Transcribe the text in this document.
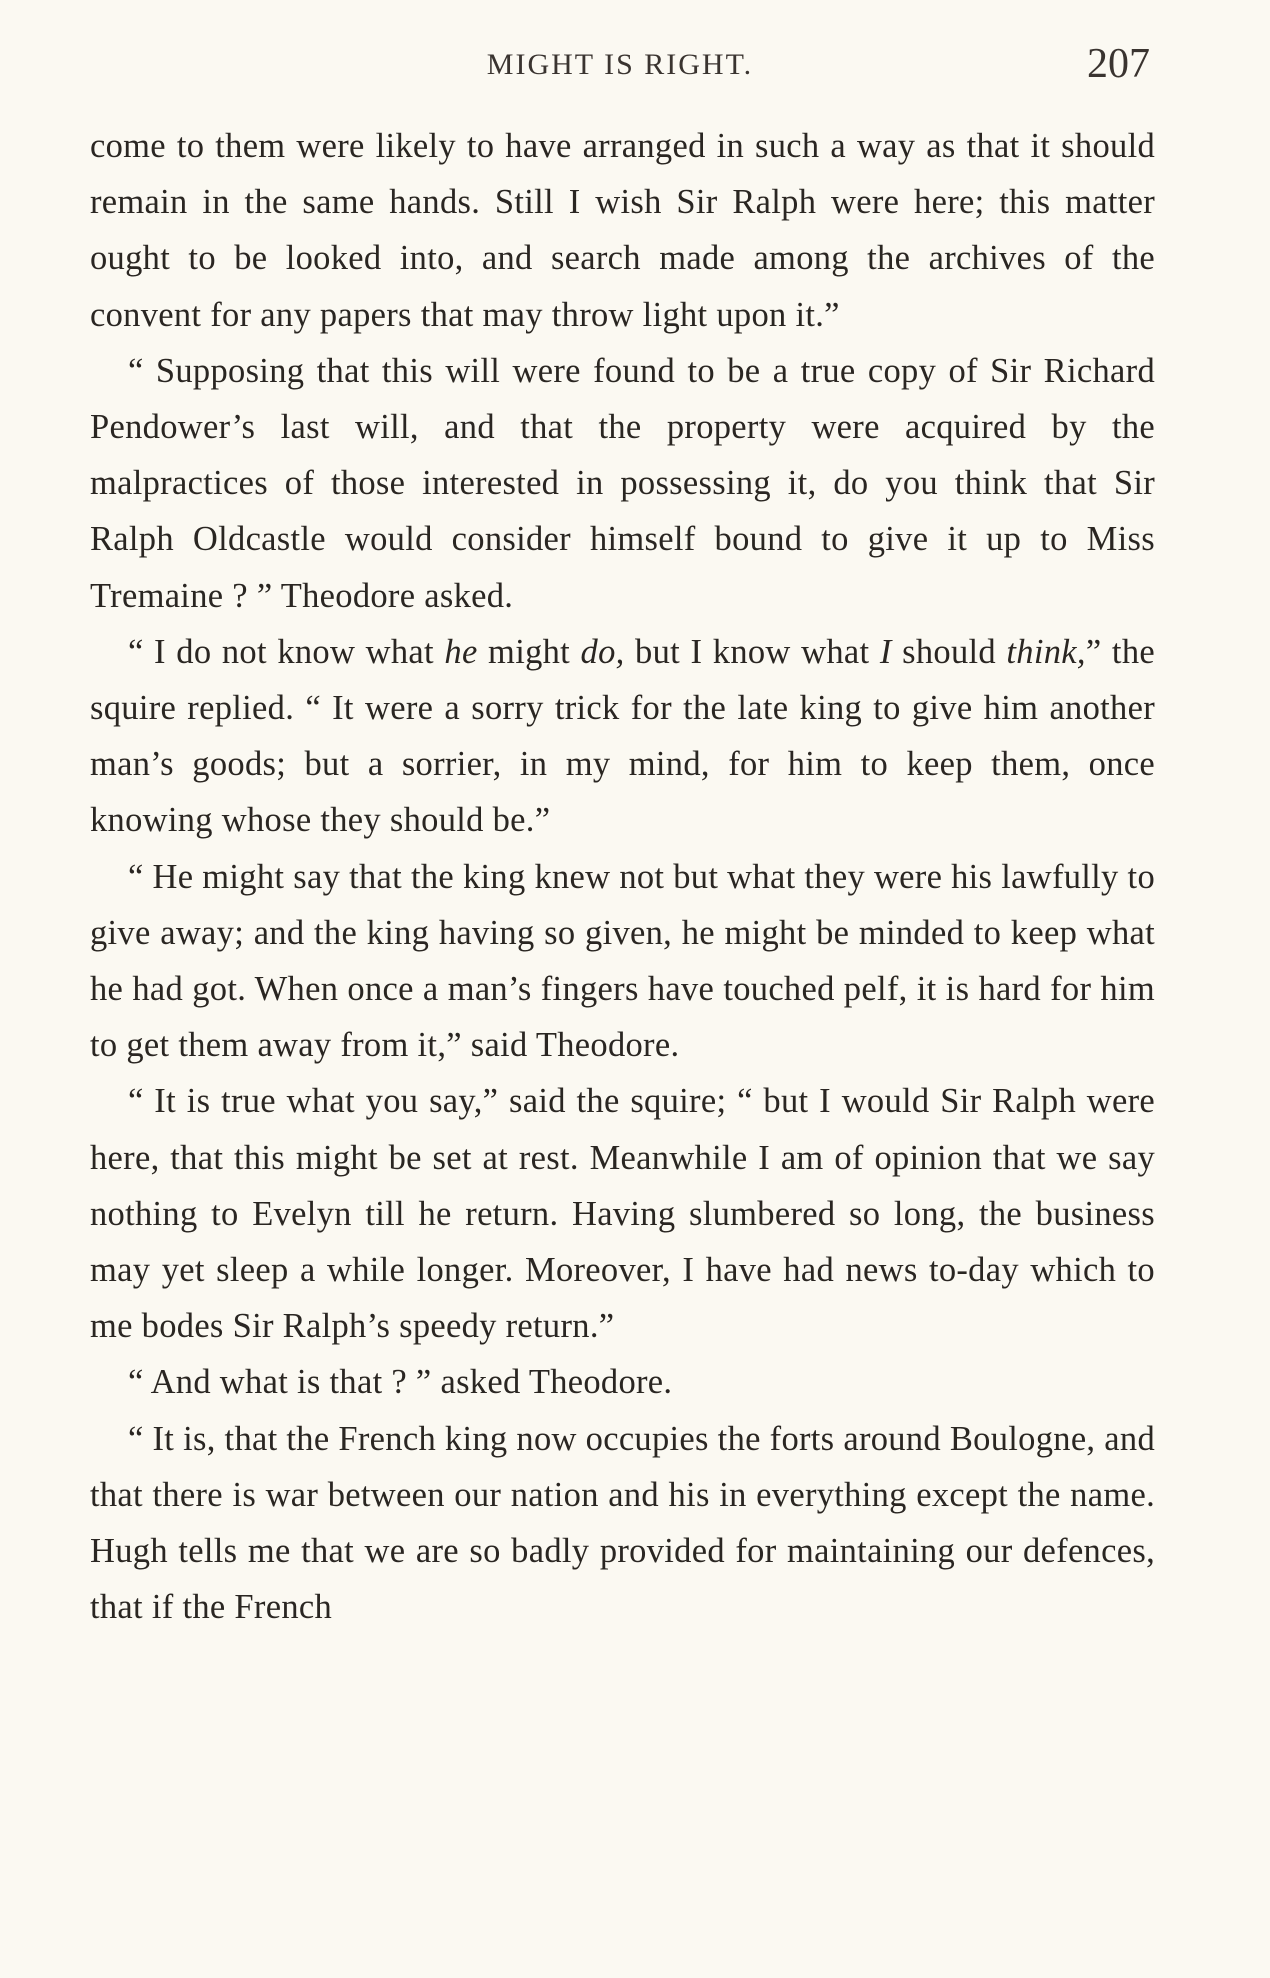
MIGHT IS RIGHT.	207

come to them were likely to have arranged in such a way as that it should remain in the same hands. Still I wish Sir Ralph were here; this matter ought to be looked into, and search made among the archives of the convent for any papers that may throw light upon it.”

“ Supposing that this will were found to be a true copy of Sir Richard Pendower’s last will, and that the property were acquired by the malpractices of those interested in possessing it, do you think that Sir Ralph Oldcastle would consider himself bound to give it up to Miss Tremaine ? ” Theodore asked.

“ I do not know what he might do, but I know what I should think,” the squire replied. “ It were a sorry trick for the late king to give him another man’s goods; but a sorrier, in my mind, for him to keep them, once knowing whose they should be.”

“ He might say that the king knew not but what they were his lawfully to give away; and the king having so given, he might be minded to keep what he had got. When once a man’s fingers have touched pelf, it is hard for him to get them away from it,” said Theodore.

“ It is true what you say,” said the squire; “ but I would Sir Ralph were here, that this might be set at rest. Meanwhile I am of opinion that we say nothing to Evelyn till he return. Having slumbered so long, the business may yet sleep a while longer. Moreover, I have had news to-day which to me bodes Sir Ralph’s speedy return.”

“ And what is that ? ” asked Theodore.

“ It is, that the French king now occupies the forts around Boulogne, and that there is war between our nation and his in everything except the name. Hugh tells me that we are so badly provided for maintaining our defences, that if the French
